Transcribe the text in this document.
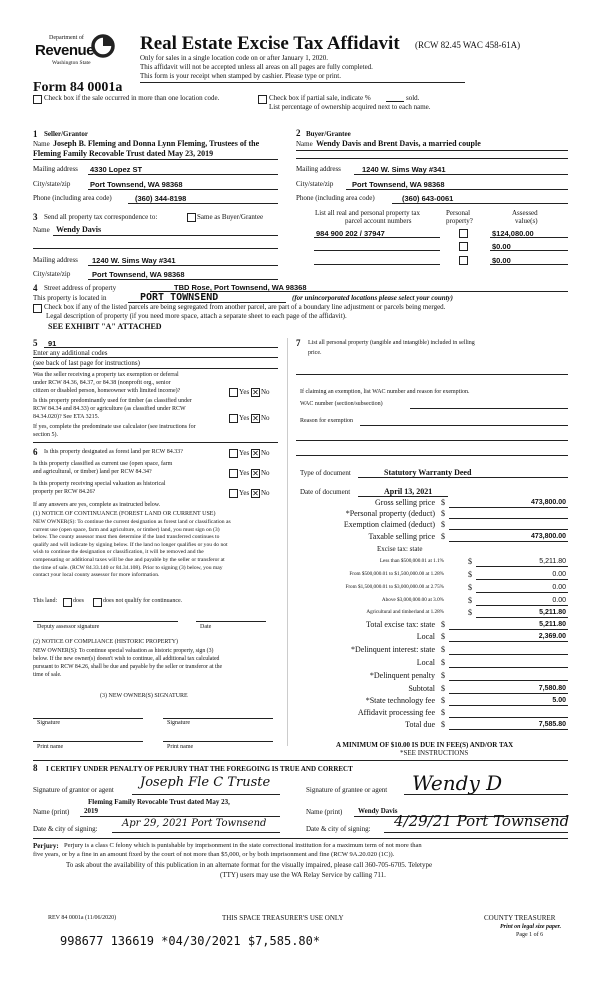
Department of
Revenue
Washington State
Form 84 0001a
Real Estate Excise Tax Affidavit (RCW 82.45 WAC 458-61A)
Only for sales in a single location code on or after January 1, 2020.
This affidavit will not be accepted unless all areas on all pages are fully completed.
This form is your receipt when stamped by cashier. Please type or print.
Check box if the sale occurred in more than one location code.	Check box if partial sale, indicate %	sold.
List percentage of ownership acquired next to each name.
1 Seller/Grantor
Name Joseph B. Fleming and Donna Lynn Fleming, Trustees of the
Fleming Family Recovable Trust dated May 23, 2019
Mailing address 4330 Lopez ST
City/state/zip	Port Townsend, WA 98368
Phone (including area code)	(360) 344-8198
2 Buyer/Grantee
Name Wendy Davis and Brent Davis, a married couple
Mailing address	1240 W. Sims Way #341
City/state/zip Port Townsend, WA 98368
Phone (including area code)	(360) 643-0061
3 Send all property tax correspondence to:	Same as Buyer/Grantee
Name Wendy Davis
Mailing address 1240 W. Sims Way #341
City/state/zip	Port Townsend, WA 98368
List all real and personal property tax
parcel account numbers
Personal
property?
Assessed
value(s)
984 900 202 / 37947	$124,080.00
$0.00
$0.00
4 Street address of property	TBD Rose, Port Townsend, WA 98368
This property is located in	PORT TOWNSEND	(for unincorporated locations please select your county)
Check box if any of the listed parcels are being segregated from another parcel, are part of a boundary line adjustment or parcels being merged.
Legal description of property (if you need more space, attach a separate sheet to each page of the affidavit).
SEE EXHIBIT "A" ATTACHED
5 91
Enter any additional codes
(see back of last page for instructions)
Was the seller receiving a property tax exemption or deferral
under RCW 84.36, 84.37, or 84.38 (nonprofit org., senior
citizen or disabled person, homeowner with limited income)?	Yes ✕ No
Is this property predominantly used for timber (as classified under
RCW 84.34 and 84.33) or agriculture (as classified under RCW
84.34.020)? See ETA 3215.	Yes ✕ No
If yes, complete the predominate use calculator (see instructions for
section 5).
6 Is this property designated as forest land per RCW 84.33?	Yes ✕ No
Is this property classified as current use (open space, farm
and agricultural, or timber) land per RCW 84.34?	Yes ✕ No
Is this property receiving special valuation as historical
property per RCW 84.26?	Yes ✕ No
If any answers are yes, complete as instructed below.
(1) NOTICE OF CONTINUANCE (FOREST LAND OR CURRENT USE)
NEW OWNER(S): To continue the current designation as forest land or classification as
current use (open space, farm and agriculture, or timber) land, you must sign on (3)
below. The county assessor must then determine if the land transferred continues to
qualify and will indicate by signing below. If the land no longer qualifies or you do not
wish to continue the designation or classification, it will be removed and the
compensating or additional taxes will be due and payable by the seller or transferor at
the time of sale. (RCW 84.33.140 or 84.34.108). Prior to signing (3) below, you may
contact your local county assessor for more information.
This land:	does	does not qualify for continuance.
Deputy assessor signature	Date
(2) NOTICE OF COMPLIANCE (HISTORIC PROPERTY)
NEW OWNER(S): To continue special valuation as historic property, sign (3)
below. If the new owner(s) doesn't wish to continue, all additional tax calculated
pursuant to RCW 84.26, shall be due and payable by the seller or transferor at the
time of sale.
(3) NEW OWNER(S) SIGNATURE
Signature	Signature
Print name	Print name
7 List all personal property (tangible and intangible) included in selling
price.
If claiming an exemption, list WAC number and reason for exemption.
WAC number (section/subsection)
Reason for exemption
Type of document	Statutory Warranty Deed
Date of document	April 13, 2021
Gross selling price $	473,800.00
*Personal property (deduct) $
Exemption claimed (deduct) $
Taxable selling price $	473,800.00
Excise tax: state
Less than $500,000.01 at 1.1%	$	5,211.80
From $500,000.01 to $1,500,000.00 at 1.28%	$	0.00
From $1,500,000.01 to $3,000,000.00 at 2.75%	$	0.00
Above $3,000,000.00 at 3.0%	$	0.00
Agricultural and timberland at 1.28%	$	5,211.80
Total excise tax: state $	5,211.80
Local $	2,369.00
*Delinquent interest: state $
Local $
*Delinquent penalty $
Subtotal $	7,580.80
*State technology fee $	5.00
Affidavit processing fee $
Total due $	7,585.80
A MINIMUM OF $10.00 IS DUE IN FEE(S) AND/OR TAX
*SEE INSTRUCTIONS
8 I CERTIFY UNDER PENALTY OF PERJURY THAT THE FOREGOING IS TRUE AND CORRECT
Signature of grantor or agent Joseph Fle C Truste
Fleming Family Revocable Trust dated May 23,
Name (print) 2019
Date & city of signing: Apr 29, 2021 Port Townsend
Signature of grantee or agent Wendy D
Name (print) Wendy Davis
Date & city of signing: 4/29/21 Port Townsend
Perjury: Perjury is a class C felony which is punishable by imprisonment in the state correctional institution for a maximum term of not more than
five years, or by a fine in an amount fixed by the court of not more than $5,000, or by both imprisonment and fine (RCW 9A.20.020 (1C)).
To ask about the availability of this publication in an alternate format for the visually impaired, please call 360-705-6705. Teletype
(TTY) users may use the WA Relay Service by calling 711.
REV 84 0001a (11/06/2020)	THIS SPACE TREASURER'S USE ONLY	COUNTY TREASURER
Print on legal size paper.
Page 1 of 6
998677 136619 *04/30/2021 $7,585.80*
